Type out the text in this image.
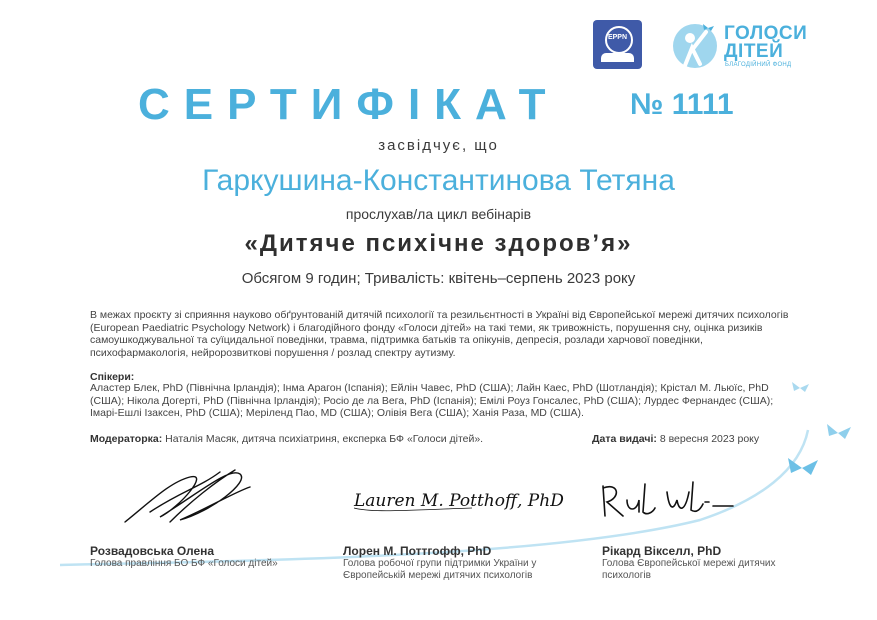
EPPN	ГОЛОСИ
ДІТЕЙ
БЛАГОДІЙНИЙ ФОНД
СЕРТИФІКАТ № 1111
засвідчує, що
Гаркушина-Константинова Тетяна
прослухав/ла цикл вебінарів
«Дитяче психічне здоров’я»
Обсягом 9 годин; Тривалість: квітень–серпень 2023 року
В межах проєкту зі сприяння науково обґрунтованій дитячій психології та резильєнтності в Україні від Європейської мережі дитячих психологів (European Paediatric Psychology Network) і благодійного фонду «Голоси дітей» на такі теми, як тривожність, порушення сну, оцінка ризиків самоушкоджувальної та суїцидальної поведінки, травма, підтримка батьків та опікунів, депресія, розлади харчової поведінки, психофармакологія, нейророзвиткові порушення / розлад спектру аутизму.
Спікери:
Аластер Блек, PhD (Північна Ірландія); Інма Арагон (Іспанія); Ейлін Чавес, PhD (США); Лайн Каес, PhD (Шотландія); Крістал М. Льюїс, PhD (США); Нікола Догерті, PhD (Північна Ірландія); Росіо де ла Вега, PhD (Іспанія); Емілі Роуз Гонсалес, PhD (США); Лурдес Фернандес (США); Імарі-Ешлі Ізаксен, PhD (США); Меріленд Пао, MD (США); Олівія Вега (США); Ханія Раза, MD (США).
Модераторка: Наталія Масяк, дитяча психіатриня, експерка БФ «Голоси дітей».	Дата видачі: 8 вересня 2023 року
Lauren M. Potthoff, PhD
Розвадовська Олена
Голова правління БО БФ «Голоси дітей»
Лорен М. Поттгофф, PhD
Голова робочої групи підтримки України у Європейській мережі дитячих психологів
Рікард Вікселл, PhD
Голова Європейської мережі дитячих психологів
